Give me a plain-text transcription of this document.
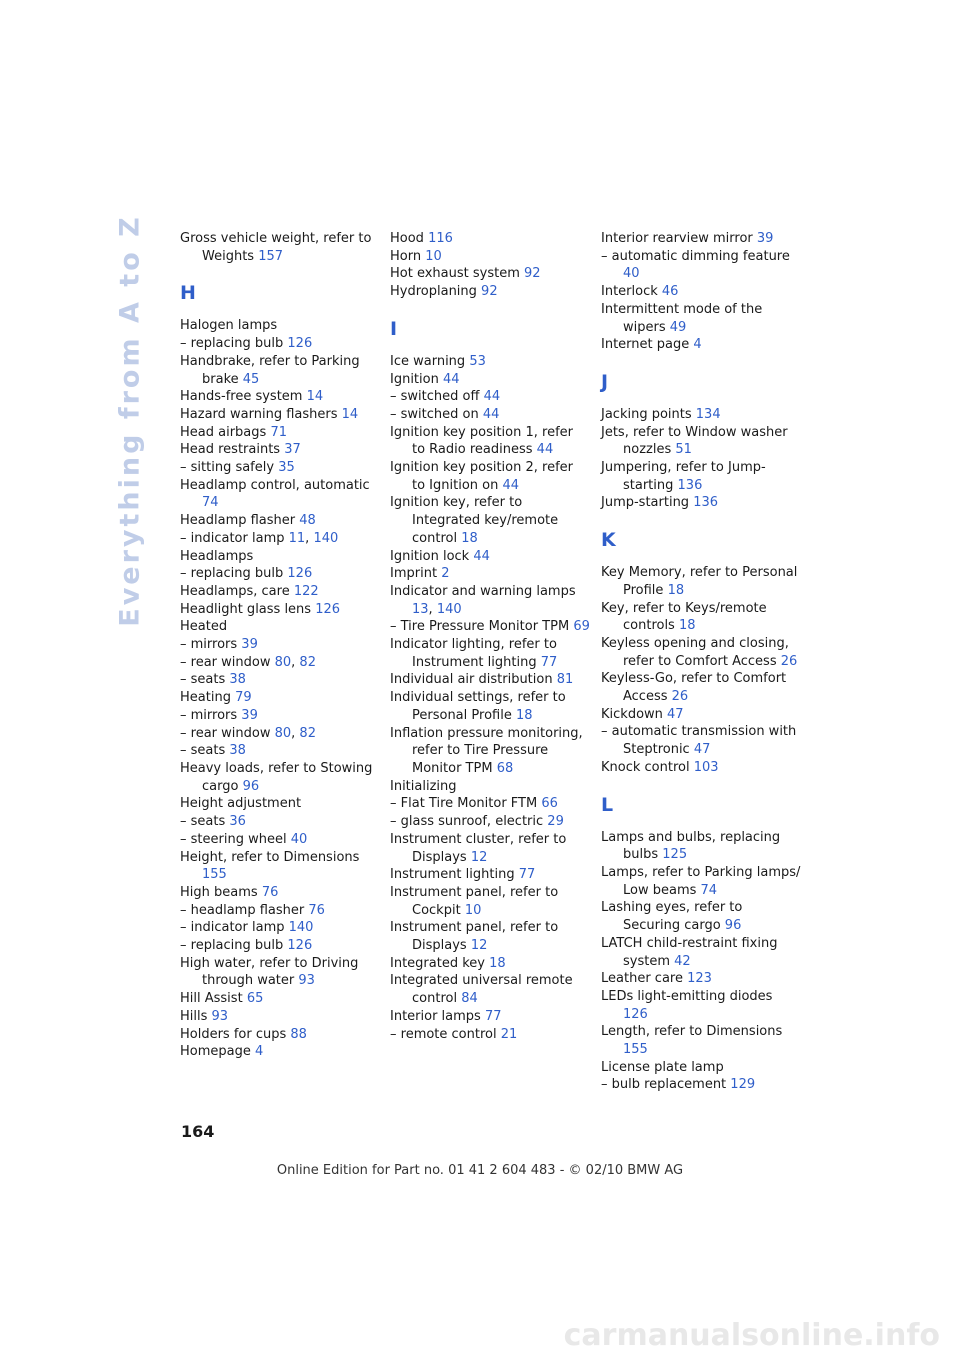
Everything from A to Z	Gross vehicle weight, refer to Weights 157

H

Halogen lamps

– replacing bulb 126

Handbrake, refer to Parking brake 45

Hands-free system 14

Hazard warning flashers 14

Head airbags 71

Head restraints 37

– sitting safely 35

Headlamp control, automatic 74

Headlamp flasher 48

– indicator lamp 11, 140

Headlamps

– replacing bulb 126

Headlamps, care 122

Headlight glass lens 126

Heated

– mirrors 39

– rear window 80, 82

– seats 38

Heating 79

– mirrors 39

– rear window 80, 82

– seats 38

Heavy loads, refer to Stowing cargo 96

Height adjustment

– seats 36

– steering wheel 40

Height, refer to Dimensions 155

High beams 76

– headlamp flasher 76

– indicator lamp 140

– replacing bulb 126

High water, refer to Driving through water 93

Hill Assist 65

Hills 93

Holders for cups 88

Homepage 4

Hood 116

Horn 10

Hot exhaust system 92

Hydroplaning 92

I

Ice warning 53

Ignition 44

– switched off 44

– switched on 44

Ignition key position 1, refer to Radio readiness 44

Ignition key position 2, refer to Ignition on 44

Ignition key, refer to Integrated key/remote control 18

Ignition lock 44

Imprint 2

Indicator and warning lamps 13, 140

– Tire Pressure Monitor TPM 69

Indicator lighting, refer to Instrument lighting 77

Individual air distribution 81

Individual settings, refer to Personal Profile 18

Inflation pressure monitoring, refer to Tire Pressure Monitor TPM 68

Initializing

– Flat Tire Monitor FTM 66

– glass sunroof, electric 29

Instrument cluster, refer to Displays 12

Instrument lighting 77

Instrument panel, refer to Cockpit 10

Instrument panel, refer to Displays 12

Integrated key 18

Integrated universal remote control 84

Interior lamps 77

– remote control 21

Interior rearview mirror 39

– automatic dimming feature 40

Interlock 46

Intermittent mode of the wipers 49

Internet page 4

J

Jacking points 134

Jets, refer to Window washer nozzles 51

Jumpering, refer to Jump-starting 136

Jump-starting 136

K

Key Memory, refer to Personal Profile 18

Key, refer to Keys/remote controls 18

Keyless opening and closing, refer to Comfort Access 26

Keyless-Go, refer to Comfort Access 26

Kickdown 47

– automatic transmission with Steptronic 47

Knock control 103

L

Lamps and bulbs, replacing bulbs 125

Lamps, refer to Parking lamps/ Low beams 74

Lashing eyes, refer to Securing cargo 96

LATCH child-restraint fixing system 42

Leather care 123

LEDs light-emitting diodes 126

Length, refer to Dimensions 155

License plate lamp

– bulb replacement 129

164
Online Edition for Part no. 01 41 2 604 483 - © 02/10 BMW AG
carmanualsonline.info
